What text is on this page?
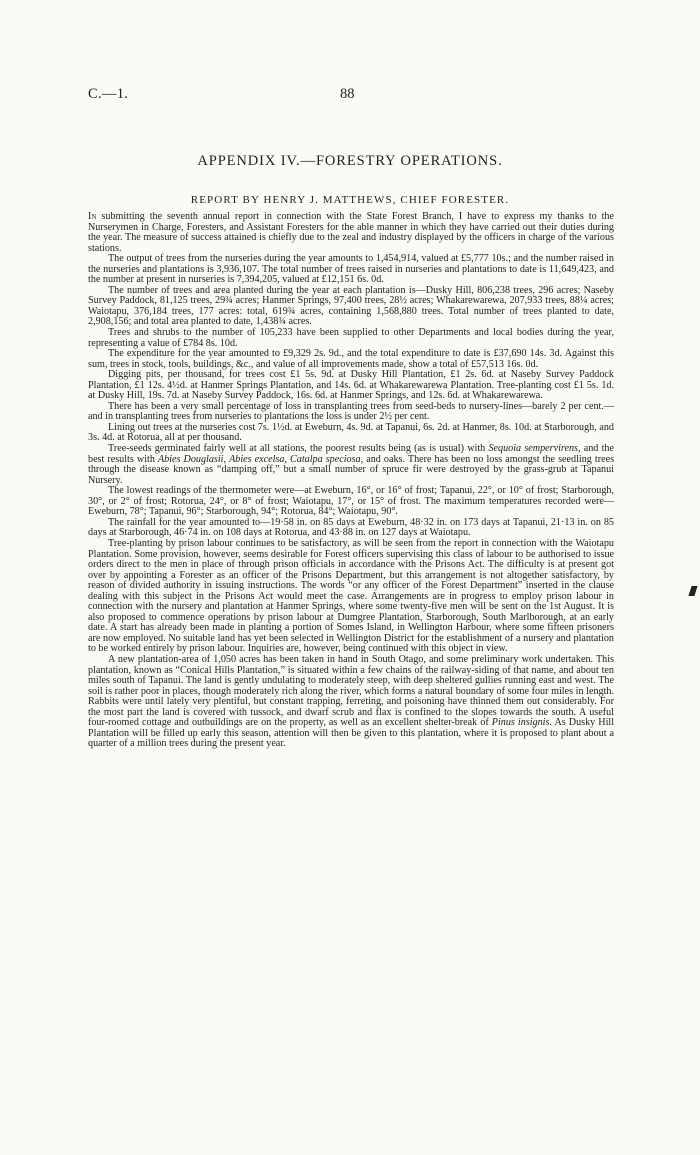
C.—1.	88
APPENDIX IV.—FORESTRY OPERATIONS.
REPORT BY HENRY J. MATTHEWS, CHIEF FORESTER.

In submitting the seventh annual report in connection with the State Forest Branch, I have to express my thanks to the Nurserymen in Charge, Foresters, and Assistant Foresters for the able manner in which they have carried out their duties during the year. The measure of success attained is chiefly due to the zeal and industry displayed by the officers in charge of the various stations.

The output of trees from the nurseries during the year amounts to 1,454,914, valued at £5,777 10s.; and the number raised in the nurseries and plantations is 3,936,107. The total number of trees raised in nurseries and plantations to date is 11,649,423, and the number at present in nurseries is 7,394,205, valued at £12,151 6s. 0d.

The number of trees and area planted during the year at each plantation is—Dusky Hill, 806,238 trees, 296 acres; Naseby Survey Paddock, 81,125 trees, 29¾ acres; Hanmer Springs, 97,400 trees, 28½ acres; Whakarewarewa, 207,933 trees, 88¼ acres; Waiotapu, 376,184 trees, 177 acres: total, 619¾ acres, containing 1,568,880 trees. Total number of trees planted to date, 2,908,156; and total area planted to date, 1,438¾ acres.

Trees and shrubs to the number of 105,233 have been supplied to other Departments and local bodies during the year, representing a value of £784 8s. 10d.

The expenditure for the year amounted to £9,329 2s. 9d., and the total expenditure to date is £37,690 14s. 3d. Against this sum, trees in stock, tools, buildings, &c., and value of all improvements made, show a total of £57,513 16s. 0d.

Digging pits, per thousand, for trees cost £1 5s. 9d. at Dusky Hill Plantation, £1 2s. 6d. at Naseby Survey Paddock Plantation, £1 12s. 4½d. at Hanmer Springs Plantation, and 14s. 6d. at Whakarewarewa Plantation. Tree-planting cost £1 5s. 1d. at Dusky Hill, 19s. 7d. at Naseby Survey Paddock, 16s. 6d. at Hanmer Springs, and 12s. 6d. at Whakarewarewa.

There has been a very small percentage of loss in transplanting trees from seed-beds to nursery-lines—barely 2 per cent.—and in transplanting trees from nurseries to plantations the loss is under 2½ per cent.

Lining out trees at the nurseries cost 7s. 1½d. at Eweburn, 4s. 9d. at Tapanui, 6s. 2d. at Hanmer, 8s. 10d. at Starborough, and 3s. 4d. at Rotorua, all at per thousand.

Tree-seeds germinated fairly well at all stations, the poorest results being (as is usual) with Sequoia sempervirens, and the best results with Abies Douglasii, Abies excelsa, Catalpa speciosa, and oaks. There has been no loss amongst the seedling trees through the disease known as “damping off,” but a small number of spruce fir were destroyed by the grass-grub at Tapanui Nursery.

The lowest readings of the thermometer were—at Eweburn, 16°, or 16° of frost; Tapanui, 22°, or 10° of frost; Starborough, 30°, or 2° of frost; Rotorua, 24°, or 8° of frost; Waiotapu, 17°, or 15° of frost. The maximum temperatures recorded were—Eweburn, 78°; Tapanui, 96°; Starborough, 94°; Rotorua, 84°; Waiotapu, 90°.

The rainfall for the year amounted to—19·58 in. on 85 days at Eweburn, 48·32 in. on 173 days at Tapanui, 21·13 in. on 85 days at Starborough, 46·74 in. on 108 days at Rotorua, and 43·88 in. on 127 days at Waiotapu.

Tree-planting by prison labour continues to be satisfactory, as will be seen from the report in connection with the Waiotapu Plantation. Some provision, however, seems desirable for Forest officers supervising this class of labour to be authorised to issue orders direct to the men in place of through prison officials in accordance with the Prisons Act. The difficulty is at present got over by appointing a Forester as an officer of the Prisons Department, but this arrangement is not altogether satisfactory, by reason of divided authority in issuing instructions. The words “or any officer of the Forest Department” inserted in the clause dealing with this subject in the Prisons Act would meet the case. Arrangements are in progress to employ prison labour in connection with the nursery and plantation at Hanmer Springs, where some twenty-five men will be sent on the 1st August. It is also proposed to commence operations by prison labour at Dumgree Plantation, Starborough, South Marlborough, at an early date. A start has already been made in planting a portion of Somes Island, in Wellington Harbour, where some fifteen prisoners are now employed. No suitable land has yet been selected in Wellington District for the establishment of a nursery and plantation to be worked entirely by prison labour. Inquiries are, however, being continued with this object in view.

A new plantation-area of 1,050 acres has been taken in hand in South Otago, and some preliminary work undertaken. This plantation, known as “Conical Hills Plantation,” is situated within a few chains of the railway-siding of that name, and about ten miles south of Tapanui. The land is gently undulating to moderately steep, with deep sheltered gullies running east and west. The soil is rather poor in places, though moderately rich along the river, which forms a natural boundary of some four miles in length. Rabbits were until lately very plentiful, but constant trapping, ferreting, and poisoning have thinned them out considerably. For the most part the land is covered with tussock, and dwarf scrub and flax is confined to the slopes towards the south. A useful four-roomed cottage and outbuildings are on the property, as well as an excellent shelter-break of Pinus insignis. As Dusky Hill Plantation will be filled up early this season, attention will then be given to this plantation, where it is proposed to plant about a quarter of a million trees during the present year.
